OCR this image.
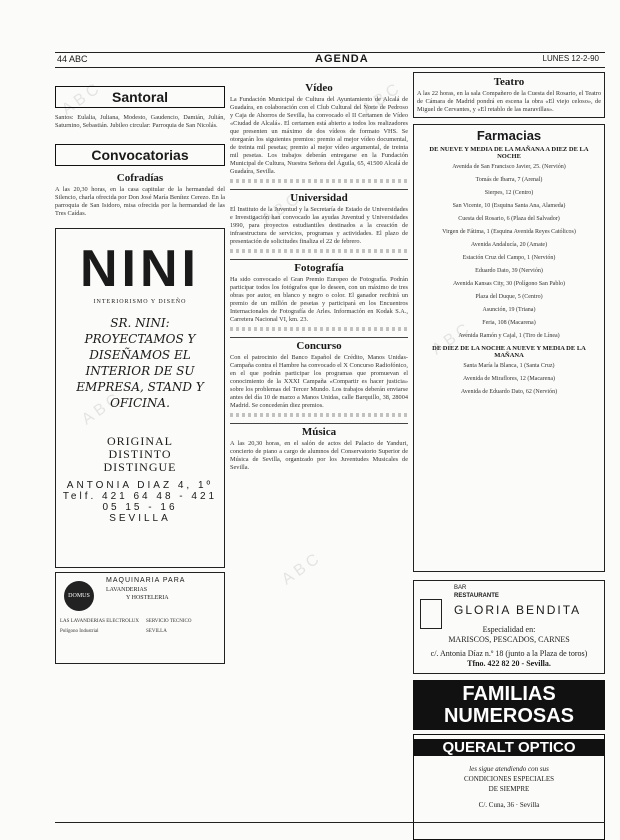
44 ABC	AGENDA	LUNES 12-2-90
ABC
ABC
ABC
ABC
ABC
ABC
Santoral
Santos: Eulalia, Juliana, Modesto, Gaudencio, Damián, Julián, Saturnino, Sebastián. Jubileo circular: Parroquia de San Nicolás.
Convocatorias
Cofradías
A las 20,30 horas, en la casa capitular de la hermandad del Silencio, charla ofrecida por Don José María Benítez Cerezo. En la parroquia de San Isidoro, misa ofrecida por la hermandad de las Tres Caídas.
NINI
INTERIORISMO Y DISEÑO
SR. NINI: PROYECTAMOS Y DISEÑAMOS EL INTERIOR DE SU EMPRESA, STAND Y OFICINA.
ORIGINAL
DISTINTO
DISTINGUE
ANTONIA DIAZ 4, 1º
Telf. 421 64 48 - 421 05 15 - 16
SEVILLA
DOMUS
MAQUINARIA PARA
LAVANDERIAS
Y HOSTELERIA
LAS LAVANDERIAS ELECTROLUX SERVICIO TECNICO
SEVILLA
Polígono Industrial
Vídeo
La Fundación Municipal de Cultura del Ayuntamiento de Alcalá de Guadaíra, en colaboración con el Club Cultural del Norte de Pedroso y Caja de Ahorros de Sevilla, ha convocado el II Certamen de Vídeo «Ciudad de Alcalá». El certamen está abierto a todos los realizadores que presenten un máximo de dos vídeos de formato VHS. Se otorgarán los siguientes premios: premio al mejor vídeo documental, de treinta mil pesetas; premio al mejor vídeo argumental, de treinta mil pesetas. Los trabajos deberán entregarse en la Fundación Municipal de Cultura, Nuestra Señora del Águila, 65, 41500 Alcalá de Guadaíra, Sevilla.
Universidad
El Instituto de la Juventud y la Secretaría de Estado de Universidades e Investigación han convocado las ayudas Juventud y Universidades 1990, para proyectos estudiantiles destinados a la creación de infraestructura de servicios, programas y actividades. El plazo de presentación de solicitudes finaliza el 22 de febrero.
Fotografía
Ha sido convocado el Gran Premio Europeo de Fotografía. Podrán participar todos los fotógrafos que lo deseen, con un máximo de tres obras por autor, en blanco y negro o color. El ganador recibirá un premio de un millón de pesetas y participará en los Encuentros Internacionales de Fotografía de Arles. Información en Kodak S.A., Carretera Nacional VI, km. 23.
Concurso
Con el patrocinio del Banco Español de Crédito, Manos Unidas-Campaña contra el Hambre ha convocado el X Concurso Radiofónico, en el que podrán participar los programas que promuevan el conocimiento de la XXXI Campaña «Compartir es hacer justicia» sobre los problemas del Tercer Mundo. Los trabajos deberán enviarse antes del día 10 de marzo a Manos Unidas, calle Barquillo, 38, 28004 Madrid. Se concederán diez premios.
Música
A las 20,30 horas, en el salón de actos del Palacio de Yanduri, concierto de piano a cargo de alumnos del Conservatorio Superior de Música de Sevilla, organizado por los Juventudes Musicales de Sevilla.
Teatro
A las 22 horas, en la sala Compañero de la Cuesta del Rosario, el Teatro de Cámara de Madrid pondrá en escena la obra «El viejo celoso», de Miguel de Cervantes, y «El retablo de las maravillas».
Farmacias
DE NUEVE Y MEDIA DE LA MAÑANA A DIEZ DE LA NOCHE
Avenida de San Francisco Javier, 25. (Nervión)
Tomás de Ibarra, 7 (Arenal)
Sierpes, 12 (Centro)
San Vicente, 10 (Esquina Santa Ana, Alameda)
Cuesta del Rosario, 6 (Plaza del Salvador)
Virgen de Fátima, 1 (Esquina Avenida Reyes Católicos)
Avenida Andalucía, 20 (Amate)
Estación Cruz del Campo, 1 (Nervión)
Eduardo Dato, 39 (Nervión)
Avenida Kansas City, 30 (Polígono San Pablo)
Plaza del Duque, 5 (Centro)
Asunción, 19 (Triana)
Feria, 108 (Macarena)
Avenida Ramón y Cajal, 1 (Tiro de Línea)
DE DIEZ DE LA NOCHE A NUEVE Y MEDIA DE LA MAÑANA
Santa María la Blanca, 1 (Santa Cruz)
Avenida de Miraflores, 12 (Macarena)
Avenida de Eduardo Dato, 62 (Nervión)
BAR
RESTAURANTE
GLORIA BENDITA
Especialidad en:
MARISCOS, PESCADOS, CARNES
c/. Antonia Díaz n.º 18 (junto a la Plaza de toros)
Tfno. 422 82 20 - Sevilla.
FAMILIAS
NUMEROSAS
QUERALT OPTICO
les sigue atendiendo con sus
CONDICIONES ESPECIALES
DE SIEMPRE
C/. Cuna, 36 · Sevilla
